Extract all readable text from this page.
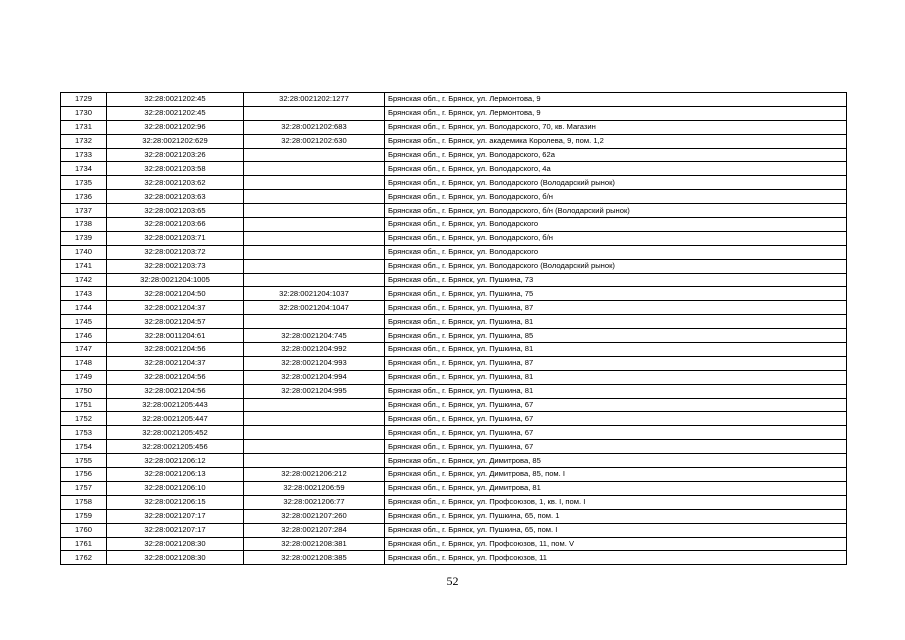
1729	32:28:0021202:45	32:28:0021202:1277	Брянская обл., г. Брянск, ул. Лермонтова, 9
1730	32:28:0021202:45		Брянская обл., г. Брянск, ул. Лермонтова, 9
1731	32:28:0021202:96	32:28:0021202:683	Брянская обл., г. Брянск, ул. Володарского, 70, кв. Магазин
1732	32:28:0021202:629	32:28:0021202:630	Брянская обл., г. Брянск, ул. академика Королева, 9, пом. 1,2
1733	32:28:0021203:26		Брянская обл., г. Брянск, ул. Володарского, 62а
1734	32:28:0021203:58		Брянская обл., г. Брянск, ул. Володарского, 4а
1735	32:28:0021203:62		Брянская обл., г. Брянск, ул. Володарского (Володарский рынок)
1736	32:28:0021203:63		Брянская обл., г. Брянск, ул. Володарского, б/н
1737	32:28:0021203:65		Брянская обл., г. Брянск, ул. Володарского, б/н (Володарский рынок)
1738	32:28:0021203:66		Брянская обл., г. Брянск, ул. Володарского
1739	32:28:0021203:71		Брянская обл., г. Брянск, ул. Володарского, б/н
1740	32:28:0021203:72		Брянская обл., г. Брянск, ул. Володарского
1741	32:28:0021203:73		Брянская обл., г. Брянск, ул. Володарского (Володарский рынок)
1742	32:28:0021204:1005		Брянская обл., г. Брянск, ул. Пушкина, 73
1743	32:28:0021204:50	32:28:0021204:1037	Брянская обл., г. Брянск, ул. Пушкина, 75
1744	32:28:0021204:37	32:28:0021204:1047	Брянская обл., г. Брянск, ул. Пушкина, 87
1745	32:28:0021204:57		Брянская обл., г. Брянск, ул. Пушкина, 81
1746	32:28:0011204:61	32:28:0021204:745	Брянская обл., г. Брянск, ул. Пушкина, 85
1747	32:28:0021204:56	32:28:0021204:992	Брянская обл., г. Брянск, ул. Пушкина, 81
1748	32:28:0021204:37	32:28:0021204:993	Брянская обл., г. Брянск, ул. Пушкина, 87
1749	32:28:0021204:56	32:28:0021204:994	Брянская обл., г. Брянск, ул. Пушкина, 81
1750	32:28:0021204:56	32:28:0021204:995	Брянская обл., г. Брянск, ул. Пушкина, 81
1751	32:28:0021205:443		Брянская обл., г. Брянск, ул. Пушкина, 67
1752	32:28:0021205:447		Брянская обл., г. Брянск, ул. Пушкина, 67
1753	32:28:0021205:452		Брянская обл., г. Брянск, ул. Пушкина, 67
1754	32:28:0021205:456		Брянская обл., г. Брянск, ул. Пушкина, 67
1755	32:28:0021206:12		Брянская обл., г. Брянск, ул. Димитрова, 85
1756	32:28:0021206:13	32:28:0021206:212	Брянская обл., г. Брянск, ул. Димитрова, 85, пом. I
1757	32:28:0021206:10	32:28:0021206:59	Брянская обл., г. Брянск, ул. Димитрова, 81
1758	32:28:0021206:15	32:28:0021206:77	Брянская обл., г. Брянск, ул. Профсоюзов, 1, кв. I, пом. I
1759	32:28:0021207:17	32:28:0021207:260	Брянская обл., г. Брянск, ул. Пушкина, 65, пом. 1
1760	32:28:0021207:17	32:28:0021207:284	Брянская обл., г. Брянск, ул. Пушкина, 65, пом. I
1761	32:28:0021208:30	32:28:0021208:381	Брянская обл., г. Брянск, ул. Профсоюзов, 11, пом. V
1762	32:28:0021208:30	32:28:0021208:385	Брянская обл., г. Брянск, ул. Профсоюзов, 11
52
